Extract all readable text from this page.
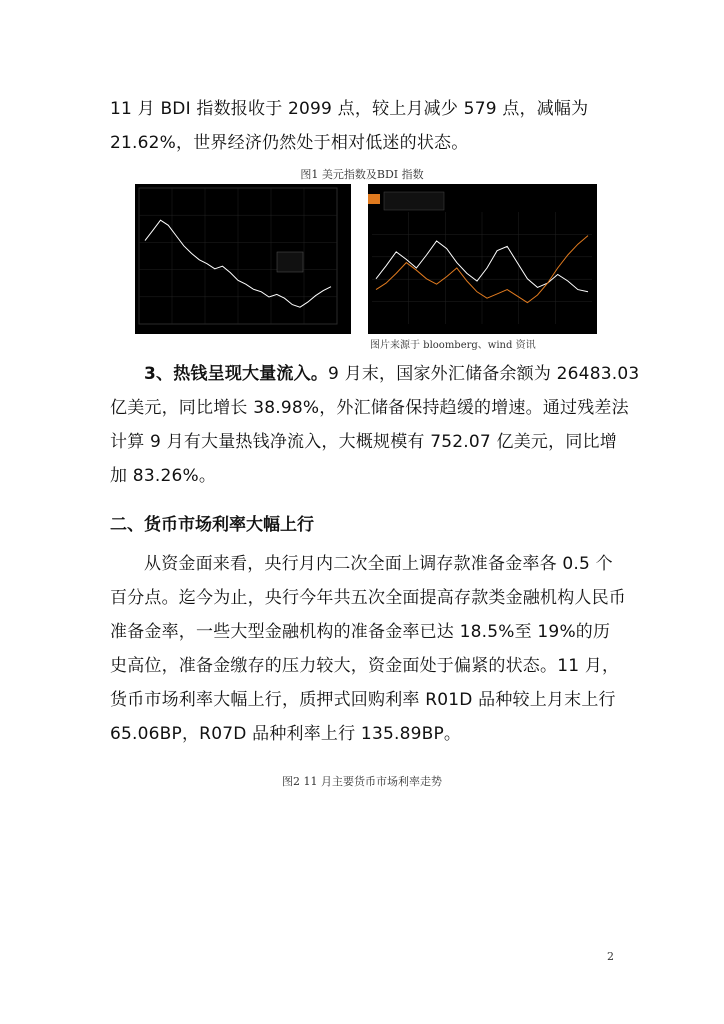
11 月 BDI 指数报收于 2099 点，较上月减少 579 点，减幅为
21.62%，世界经济仍然处于相对低迷的状态。

图1 美元指数及BDI 指数
图片来源于 bloomberg、wind 资讯

3、热钱呈现大量流入。9 月末，国家外汇储备余额为 26483.03
亿美元，同比增长 38.98%，外汇储备保持趋缓的增速。通过残差法
计算 9 月有大量热钱净流入，大概规模有 752.07 亿美元，同比增
加 83.26%。

二、货币市场利率大幅上行

从资金面来看，央行月内二次全面上调存款准备金率各 0.5 个
百分点。迄今为止，央行今年共五次全面提高存款类金融机构人民币
准备金率，一些大型金融机构的准备金率已达 18.5%至 19%的历
史高位，准备金缴存的压力较大，资金面处于偏紧的状态。11 月，
货币市场利率大幅上行，质押式回购利率 R01D 品种较上月末上行
65.06BP，R07D 品种利率上行 135.89BP。

图2 11 月主要货币市场利率走势
2
